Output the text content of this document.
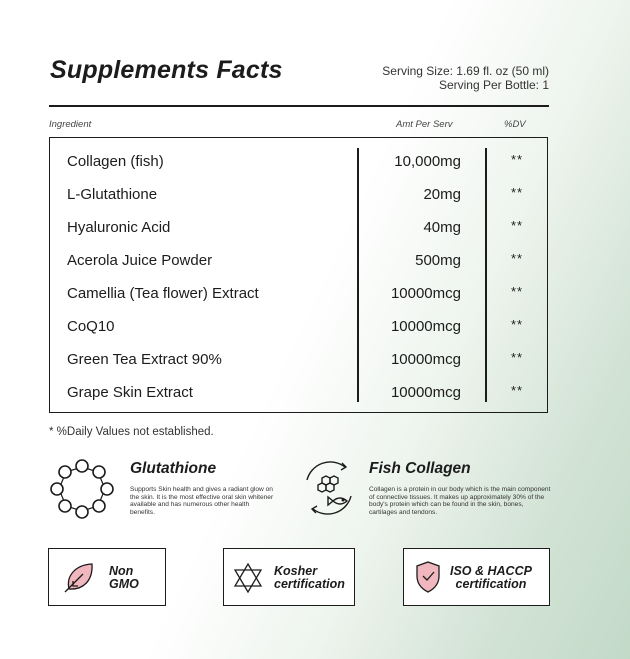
Supplements Facts	Serving Size: 1.69 fl. oz (50 ml)
Serving Per Bottle: 1
Ingredient	Amt Per Serv	%DV
Collagen (fish)	10,000mg	**
L-Glutathione	20mg	**
Hyaluronic Acid	40mg	**
Acerola Juice Powder	500mg	**
Camellia (Tea flower) Extract	10000mcg	**
CoQ10	10000mcg	**
Green Tea Extract 90%	10000mcg	**
Grape Skin Extract	10000mcg	**
* %Daily Values not established.
Glutathione
Supports Skin health and gives a radiant glow on the skin. It is the most effective oral skin whitener available and has numerous other health benefits.
Fish Collagen
Collagen is a protein in our body which is the main component of connective tissues. It makes up approximately 30% of the body's protein which can be found in the skin, bones, cartilages and tendons.
Non
GMO
Kosher
certification
ISO & HACCP
certification
